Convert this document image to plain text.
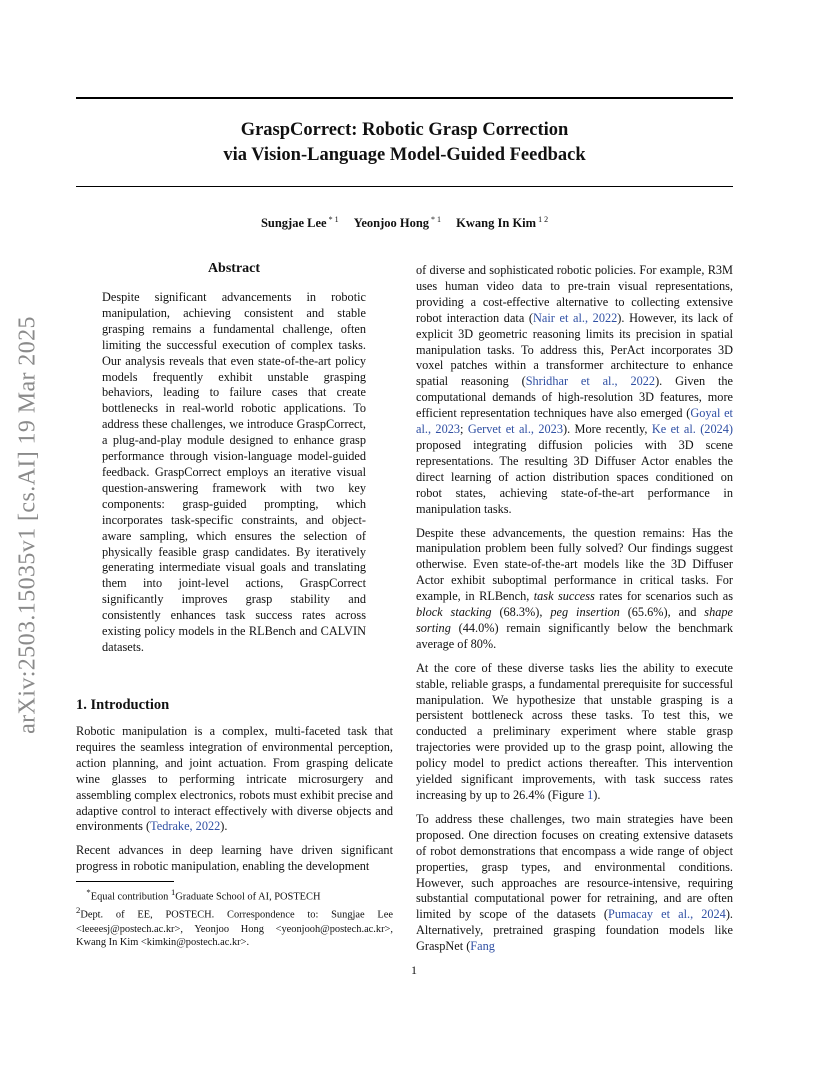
GraspCorrect: Robotic Grasp Correction
via Vision-Language Model-Guided Feedback
Sungjae Lee $^{* 1}$ Yeonjoo Hong $^{* 1}$ Kwang In Kim $^{1 2}$
arXiv:2503.15035v1 [cs.AI] 19 Mar 2025
Abstract
Despite significant advancements in robotic manipulation, achieving consistent and stable grasping remains a fundamental challenge, often limiting the successful execution of complex tasks. Our analysis reveals that even state-of-the-art policy models frequently exhibit unstable grasping behaviors, leading to failure cases that create bottlenecks in real-world robotic applications. To address these challenges, we introduce GraspCorrect, a plug-and-play module designed to enhance grasp performance through vision-language model-guided feedback. GraspCorrect employs an iterative visual question-answering framework with two key components: grasp-guided prompting, which incorporates task-specific constraints, and object-aware sampling, which ensures the selection of physically feasible grasp candidates. By iteratively generating intermediate visual goals and translating them into joint-level actions, GraspCorrect significantly improves grasp stability and consistently enhances task success rates across existing policy models in the RLBench and CALVIN datasets.
1. Introduction

Robotic manipulation is a complex, multi-faceted task that requires the seamless integration of environmental perception, action planning, and joint actuation. From grasping delicate wine glasses to performing intricate microsurgery and assembling complex electronics, robots must exhibit precise and adaptive control to interact effectively with diverse objects and environments (Tedrake, 2022).

Recent advances in deep learning have driven significant progress in robotic manipulation, enabling the development

*Equal contribution $^1$Graduate School of AI, POSTECH
$^2$Dept. of EE, POSTECH. Correspondence to: Sungjae Lee <leeeesj@postech.ac.kr>, Yeonjoo Hong <yeonjooh@postech.ac.kr>, Kwang In Kim <kimkin@postech.ac.kr>.

of diverse and sophisticated robotic policies. For example, R3M uses human video data to pre-train visual representations, providing a cost-effective alternative to collecting extensive robot interaction data (Nair et al., 2022). However, its lack of explicit 3D geometric reasoning limits its precision in spatial manipulation tasks. To address this, PerAct incorporates 3D voxel patches within a transformer architecture to enhance spatial reasoning (Shridhar et al., 2022). Given the computational demands of high-resolution 3D features, more efficient representation techniques have also emerged (Goyal et al., 2023; Gervet et al., 2023). More recently, Ke et al. (2024) proposed integrating diffusion policies with 3D scene representations. The resulting 3D Diffuser Actor enables the direct learning of action distribution spaces conditioned on robot states, achieving state-of-the-art performance in manipulation tasks.

Despite these advancements, the question remains: Has the manipulation problem been fully solved? Our findings suggest otherwise. Even state-of-the-art models like the 3D Diffuser Actor exhibit suboptimal performance in critical tasks. For example, in RLBench, task success rates for scenarios such as block stacking (68.3%), peg insertion (65.6%), and shape sorting (44.0%) remain significantly below the benchmark average of 80%.

At the core of these diverse tasks lies the ability to execute stable, reliable grasps, a fundamental prerequisite for successful manipulation. We hypothesize that unstable grasping is a persistent bottleneck across these tasks. To test this, we conducted a preliminary experiment where stable grasp trajectories were provided up to the grasp point, allowing the policy model to predict actions thereafter. This intervention yielded significant improvements, with task success rates increasing by up to 26.4% (Figure 1).

To address these challenges, two main strategies have been proposed. One direction focuses on creating extensive datasets of robot demonstrations that encompass a wide range of object properties, grasp types, and environmental conditions. However, such approaches are resource-intensive, requiring substantial computational power for retraining, and are often limited by scope of the datasets (Pumacay et al., 2024). Alternatively, pretrained grasping foundation models like GraspNet (Fang

1
